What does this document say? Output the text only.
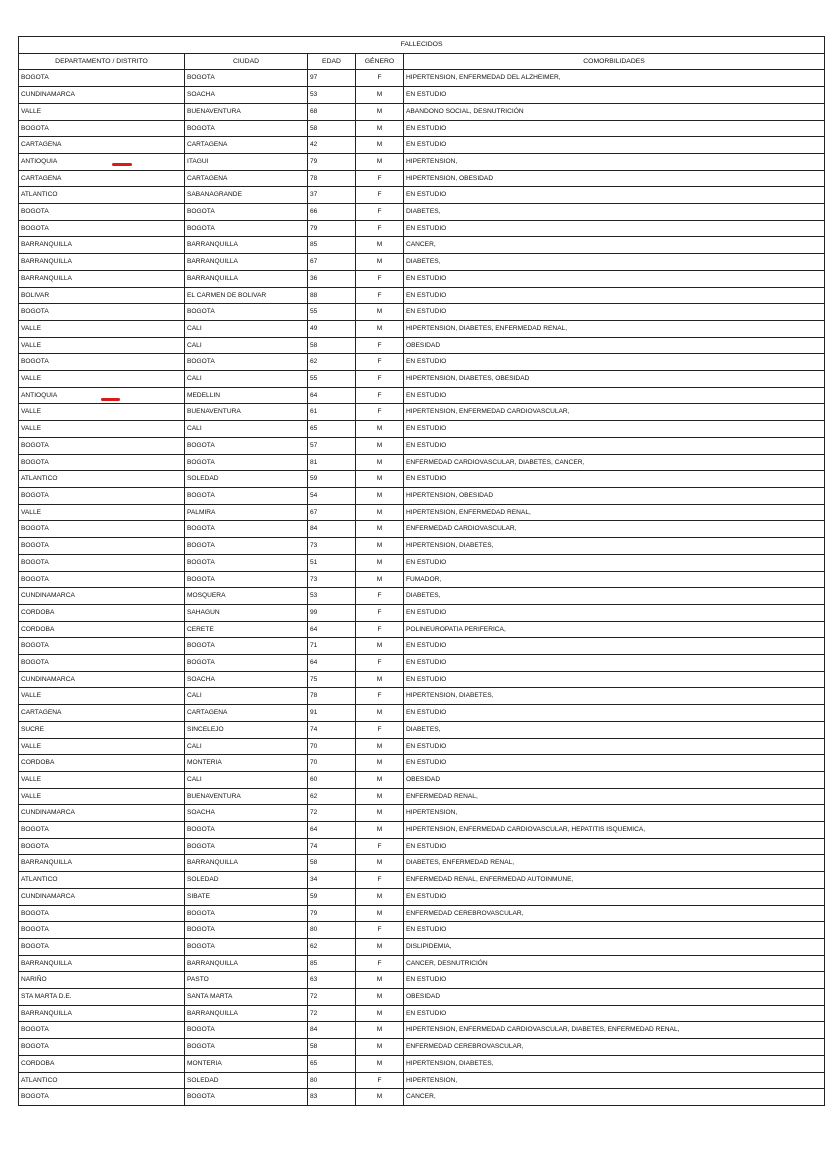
FALLECIDOS				
DEPARTAMENTO / DISTRITO	CIUDAD	EDAD	GÉNERO	COMORBILIDADES
BOGOTA	BOGOTA	97	F	HIPERTENSION, ENFERMEDAD DEL ALZHEIMER,
CUNDINAMARCA	SOACHA	53	M	EN ESTUDIO
VALLE	BUENAVENTURA	68	M	ABANDONO SOCIAL, DESNUTRICIÓN
BOGOTA	BOGOTA	58	M	EN ESTUDIO
CARTAGENA	CARTAGENA	42	M	EN ESTUDIO
ANTIOQUIA	ITAGUI	79	M	HIPERTENSION,
CARTAGENA	CARTAGENA	78	F	HIPERTENSION, OBESIDAD
ATLANTICO	SABANAGRANDE	37	F	EN ESTUDIO
BOGOTA	BOGOTA	66	F	DIABETES,
BOGOTA	BOGOTA	79	F	EN ESTUDIO
BARRANQUILLA	BARRANQUILLA	85	M	CANCER,
BARRANQUILLA	BARRANQUILLA	67	M	DIABETES,
BARRANQUILLA	BARRANQUILLA	36	F	EN ESTUDIO
BOLIVAR	EL CARMEN DE BOLIVAR	88	F	EN ESTUDIO
BOGOTA	BOGOTA	55	M	EN ESTUDIO
VALLE	CALI	49	M	HIPERTENSION, DIABETES, ENFERMEDAD RENAL,
VALLE	CALI	58	F	OBESIDAD
BOGOTA	BOGOTA	62	F	EN ESTUDIO
VALLE	CALI	55	F	HIPERTENSION, DIABETES, OBESIDAD
ANTIOQUIA	MEDELLIN	64	F	EN ESTUDIO
VALLE	BUENAVENTURA	61	F	HIPERTENSION, ENFERMEDAD CARDIOVASCULAR,
VALLE	CALI	65	M	EN ESTUDIO
BOGOTA	BOGOTA	57	M	EN ESTUDIO
BOGOTA	BOGOTA	81	M	ENFERMEDAD CARDIOVASCULAR, DIABETES, CANCER,
ATLANTICO	SOLEDAD	59	M	EN ESTUDIO
BOGOTA	BOGOTA	54	M	HIPERTENSION, OBESIDAD
VALLE	PALMIRA	67	M	HIPERTENSION, ENFERMEDAD RENAL,
BOGOTA	BOGOTA	84	M	ENFERMEDAD CARDIOVASCULAR,
BOGOTA	BOGOTA	73	M	HIPERTENSION, DIABETES,
BOGOTA	BOGOTA	51	M	EN ESTUDIO
BOGOTA	BOGOTA	73	M	FUMADOR,
CUNDINAMARCA	MOSQUERA	53	F	DIABETES,
CORDOBA	SAHAGUN	99	F	EN ESTUDIO
CORDOBA	CERETE	64	F	POLINEUROPATIA PERIFERICA,
BOGOTA	BOGOTA	71	M	EN ESTUDIO
BOGOTA	BOGOTA	64	F	EN ESTUDIO
CUNDINAMARCA	SOACHA	75	M	EN ESTUDIO
VALLE	CALI	78	F	HIPERTENSION, DIABETES,
CARTAGENA	CARTAGENA	91	M	EN ESTUDIO
SUCRE	SINCELEJO	74	F	DIABETES,
VALLE	CALI	70	M	EN ESTUDIO
CORDOBA	MONTERIA	70	M	EN ESTUDIO
VALLE	CALI	60	M	OBESIDAD
VALLE	BUENAVENTURA	62	M	ENFERMEDAD RENAL,
CUNDINAMARCA	SOACHA	72	M	HIPERTENSION,
BOGOTA	BOGOTA	64	M	HIPERTENSION, ENFERMEDAD CARDIOVASCULAR, HEPATITIS ISQUEMICA,
BOGOTA	BOGOTA	74	F	EN ESTUDIO
BARRANQUILLA	BARRANQUILLA	58	M	DIABETES, ENFERMEDAD RENAL,
ATLANTICO	SOLEDAD	34	F	ENFERMEDAD RENAL, ENFERMEDAD AUTOINMUNE,
CUNDINAMARCA	SIBATE	59	M	EN ESTUDIO
BOGOTA	BOGOTA	79	M	ENFERMEDAD CEREBROVASCULAR,
BOGOTA	BOGOTA	80	F	EN ESTUDIO
BOGOTA	BOGOTA	62	M	DISLIPIDEMIA,
BARRANQUILLA	BARRANQUILLA	85	F	CANCER, DESNUTRICIÓN
NARIÑO	PASTO	63	M	EN ESTUDIO
STA MARTA D.E.	SANTA MARTA	72	M	OBESIDAD
BARRANQUILLA	BARRANQUILLA	72	M	EN ESTUDIO
BOGOTA	BOGOTA	84	M	HIPERTENSION, ENFERMEDAD CARDIOVASCULAR, DIABETES, ENFERMEDAD RENAL,
BOGOTA	BOGOTA	58	M	ENFERMEDAD CEREBROVASCULAR,
CORDOBA	MONTERIA	65	M	HIPERTENSION, DIABETES,
ATLANTICO	SOLEDAD	80	F	HIPERTENSION,
BOGOTA	BOGOTA	83	M	CANCER,
